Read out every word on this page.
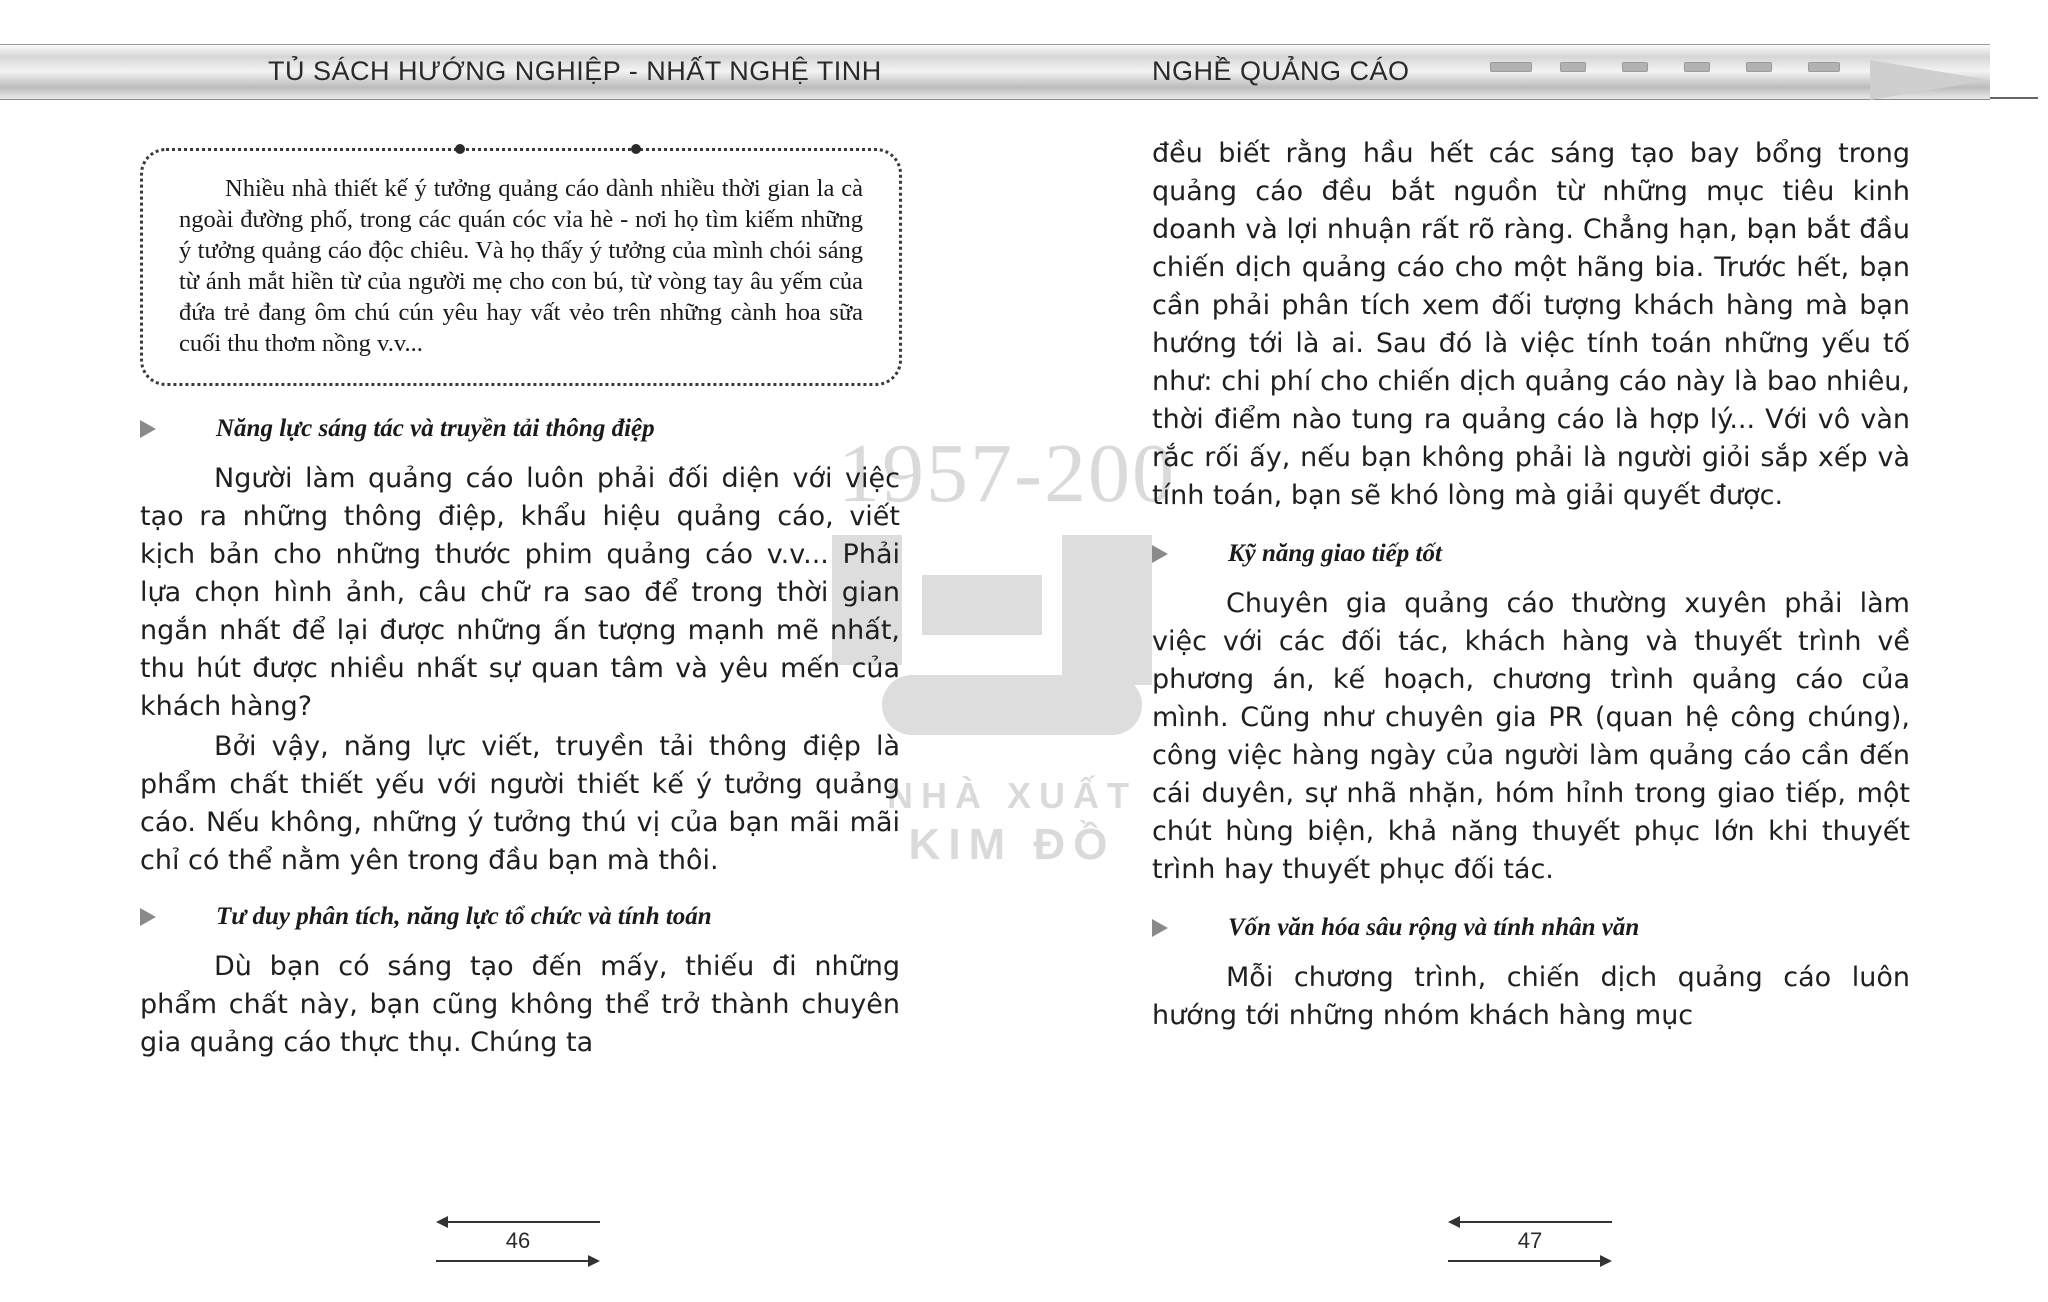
TỦ SÁCH HƯỚNG NGHIỆP - NHẤT NGHỆ TINH	NGHỀ QUẢNG CÁO
1957-200
NHÀ XUẤT
KIM ĐỒ

Nhiều nhà thiết kế ý tưởng quảng cáo dành nhiều thời gian la cà ngoài đường phố, trong các quán cóc vỉa hè - nơi họ tìm kiếm những ý tưởng quảng cáo độc chiêu. Và họ thấy ý tưởng của mình chói sáng từ ánh mắt hiền từ của người mẹ cho con bú, từ vòng tay âu yếm của đứa trẻ đang ôm chú cún yêu hay vất vẻo trên những cành hoa sữa cuối thu thơm nồng v.v...

Năng lực sáng tác và truyền tải thông điệp

Người làm quảng cáo luôn phải đối diện với việc tạo ra những thông điệp, khẩu hiệu quảng cáo, viết kịch bản cho những thước phim quảng cáo v.v... Phải lựa chọn hình ảnh, câu chữ ra sao để trong thời gian ngắn nhất để lại được những ấn tượng mạnh mẽ nhất, thu hút được nhiều nhất sự quan tâm và yêu mến của khách hàng?

Bởi vậy, năng lực viết, truyền tải thông điệp là phẩm chất thiết yếu với người thiết kế ý tưởng quảng cáo. Nếu không, những ý tưởng thú vị của bạn mãi mãi chỉ có thể nằm yên trong đầu bạn mà thôi.

Tư duy phân tích, năng lực tổ chức và tính toán

Dù bạn có sáng tạo đến mấy, thiếu đi những phẩm chất này, bạn cũng không thể trở thành chuyên gia quảng cáo thực thụ. Chúng ta

đều biết rằng hầu hết các sáng tạo bay bổng trong quảng cáo đều bắt nguồn từ những mục tiêu kinh doanh và lợi nhuận rất rõ ràng. Chẳng hạn, bạn bắt đầu chiến dịch quảng cáo cho một hãng bia. Trước hết, bạn cần phải phân tích xem đối tượng khách hàng mà bạn hướng tới là ai. Sau đó là việc tính toán những yếu tố như: chi phí cho chiến dịch quảng cáo này là bao nhiêu, thời điểm nào tung ra quảng cáo là hợp lý... Với vô vàn rắc rối ấy, nếu bạn không phải là người giỏi sắp xếp và tính toán, bạn sẽ khó lòng mà giải quyết được.

Kỹ năng giao tiếp tốt

Chuyên gia quảng cáo thường xuyên phải làm việc với các đối tác, khách hàng và thuyết trình về phương án, kế hoạch, chương trình quảng cáo của mình. Cũng như chuyên gia PR (quan hệ công chúng), công việc hàng ngày của người làm quảng cáo cần đến cái duyên, sự nhã nhặn, hóm hỉnh trong giao tiếp, một chút hùng biện, khả năng thuyết phục lớn khi thuyết trình hay thuyết phục đối tác.

Vốn văn hóa sâu rộng và tính nhân văn

Mỗi chương trình, chiến dịch quảng cáo luôn hướng tới những nhóm khách hàng mục

46	47
